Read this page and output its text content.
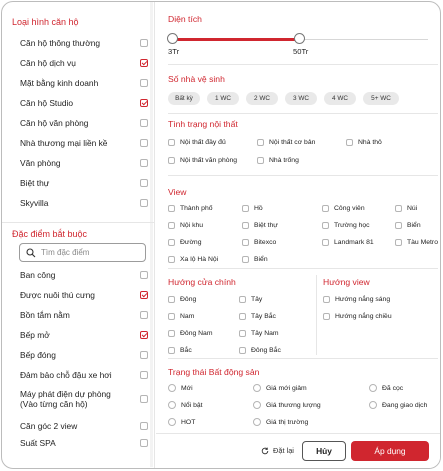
Loại hình căn hộ
Căn hộ thông thường
Căn hộ dịch vụ
Mặt bằng kinh doanh
Căn hộ Studio
Căn hộ văn phòng
Nhà thương mại liền kề
Văn phòng
Biệt thự
Skyvilla
Đặc điểm bắt buộc
Tìm đặc điểm
Ban công
Được nuôi thú cưng
Bồn tắm nằm
Bếp mở
Bếp đóng
Đảm bảo chỗ đậu xe hơi
Máy phát điện dự phòng
(Vào từng căn hộ)
Căn góc 2 view
Suất SPA
Diện tích
3Tr	50Tr
Số nhà vệ sinh
Bất kỳ	1 WC	2 WC	3 WC	4 WC	5+ WC
Tình trạng nội thất
Nội thất đầy đủ	Nội thất cơ bản	Nhà thô
Nội thất văn phòng	Nhà trống
View
Thành phố	Hồ	Công viên	Núi
Nội khu	Biệt thự	Trường học	Biển
Đường	Bitexco	Landmark 81	Tàu Metro
Xa lộ Hà Nội	Biển
Hướng cửa chính
Đông	Tây
Nam	Tây Bắc
Đông Nam	Tây Nam
Bắc	Đông Bắc
Hướng view
Hướng nắng sáng
Hướng nắng chiều
Trạng thái Bất động sản
Mới	Giá mới giảm	Đã cọc
Nổi bật	Giá thương lượng	Đang giao dịch
HOT	Giá thị trường
Đặt lại	Hủy	Áp dụng
